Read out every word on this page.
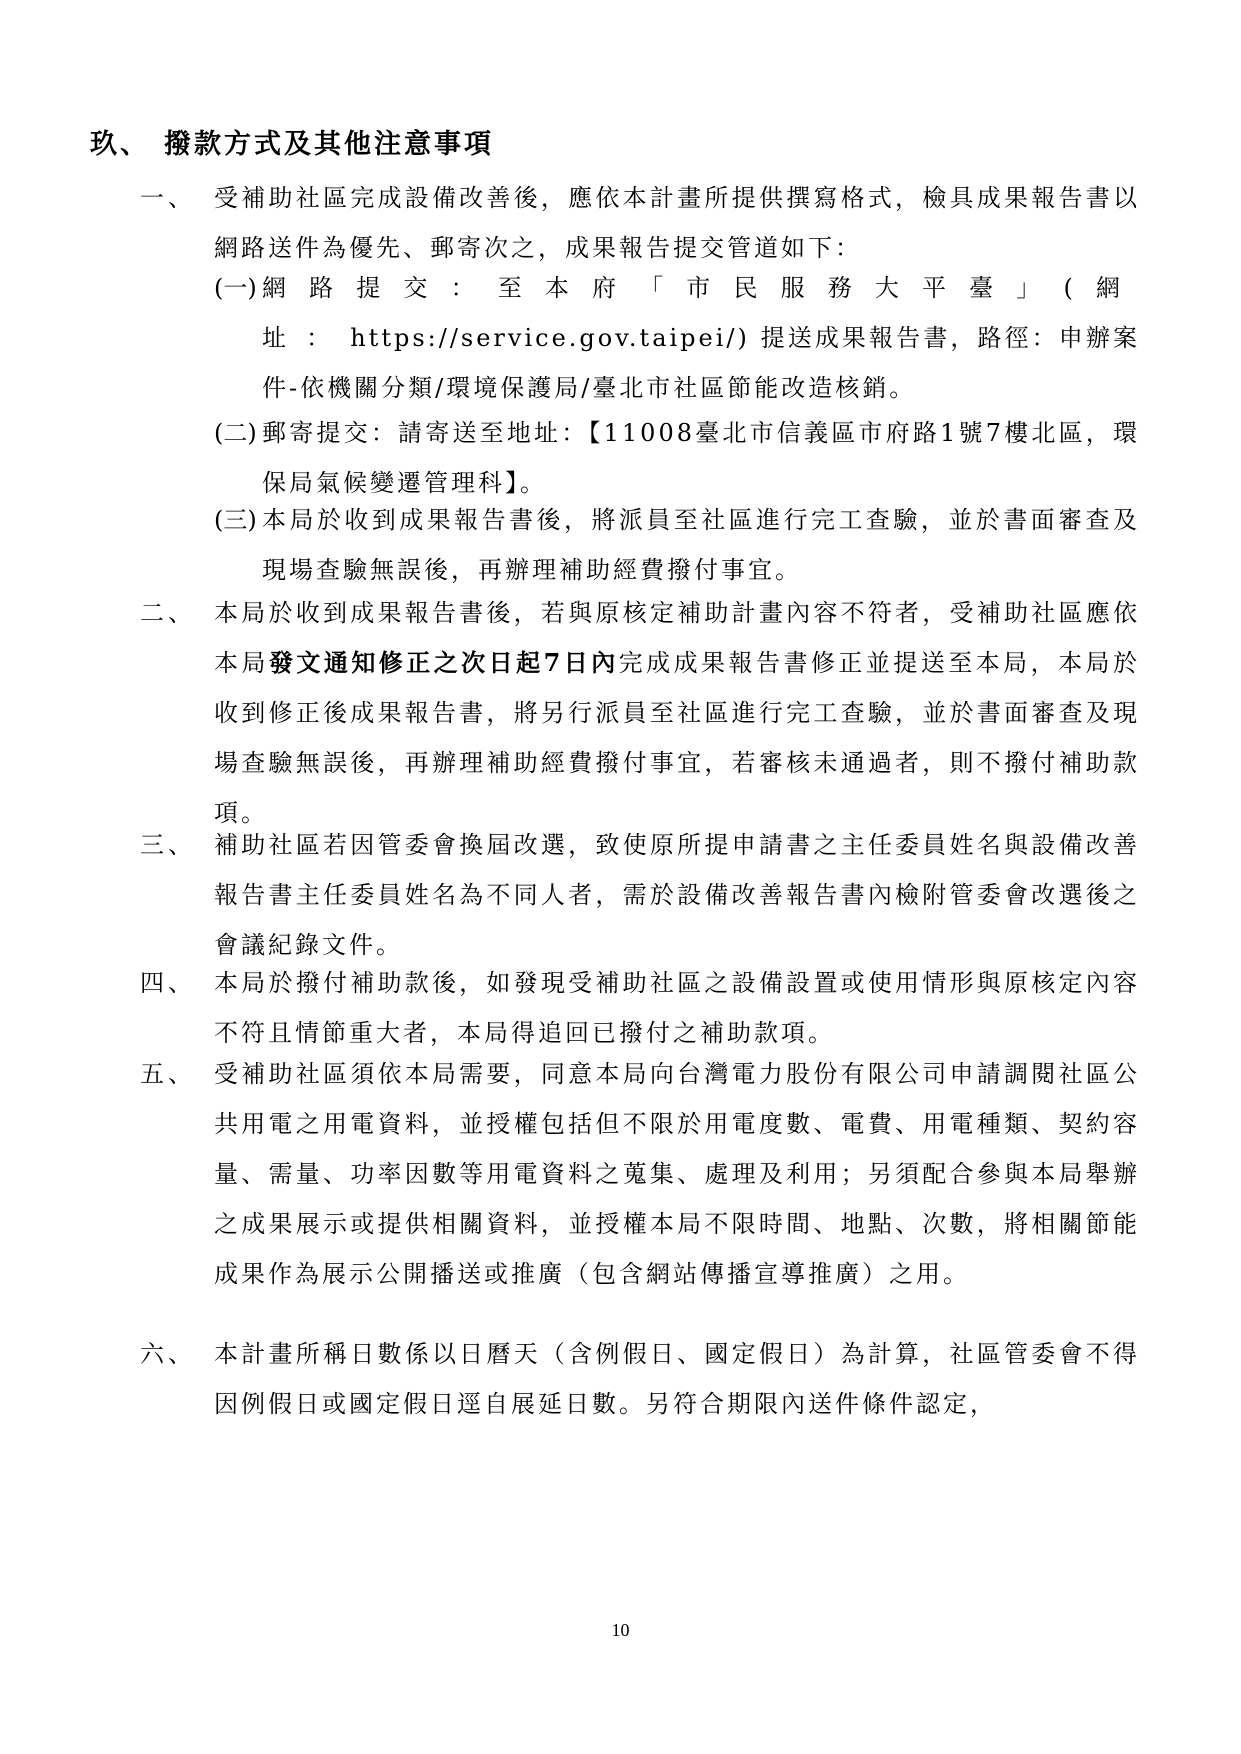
玖、 撥款方式及其他注意事項
一、 受補助社區完成設備改善後，應依本計畫所提供撰寫格式，檢具成果報告書以網路送件為優先、郵寄次之，成果報告提交管道如下：
(一) 網路提交：至本府「市民服務大平臺」(網址：https://service.gov.taipei/) 提送成果報告書，路徑：申辦案件-依機關分類/環境保護局/臺北市社區節能改造核銷。
(二) 郵寄提交：請寄送至地址：【11008臺北市信義區市府路1號7樓北區，環保局氣候變遷管理科】。
(三) 本局於收到成果報告書後，將派員至社區進行完工查驗，並於書面審查及現場查驗無誤後，再辦理補助經費撥付事宜。
二、 本局於收到成果報告書後，若與原核定補助計畫內容不符者，受補助社區應依本局發文通知修正之次日起7日內完成成果報告書修正並提送至本局，本局於收到修正後成果報告書，將另行派員至社區進行完工查驗，並於書面審查及現場查驗無誤後，再辦理補助經費撥付事宜，若審核未通過者，則不撥付補助款項。
三、 補助社區若因管委會換屆改選，致使原所提申請書之主任委員姓名與設備改善報告書主任委員姓名為不同人者，需於設備改善報告書內檢附管委會改選後之會議紀錄文件。
四、 本局於撥付補助款後，如發現受補助社區之設備設置或使用情形與原核定內容不符且情節重大者，本局得追回已撥付之補助款項。
五、 受補助社區須依本局需要，同意本局向台灣電力股份有限公司申請調閱社區公共用電之用電資料，並授權包括但不限於用電度數、電費、用電種類、契約容量、需量、功率因數等用電資料之蒐集、處理及利用；另須配合參與本局舉辦之成果展示或提供相關資料，並授權本局不限時間、地點、次數，將相關節能成果作為展示公開播送或推廣（包含網站傳播宣導推廣）之用。
六、 本計畫所稱日數係以日曆天（含例假日、國定假日）為計算，社區管委會不得因例假日或國定假日逕自展延日數。另符合期限內送件條件認定，
10
